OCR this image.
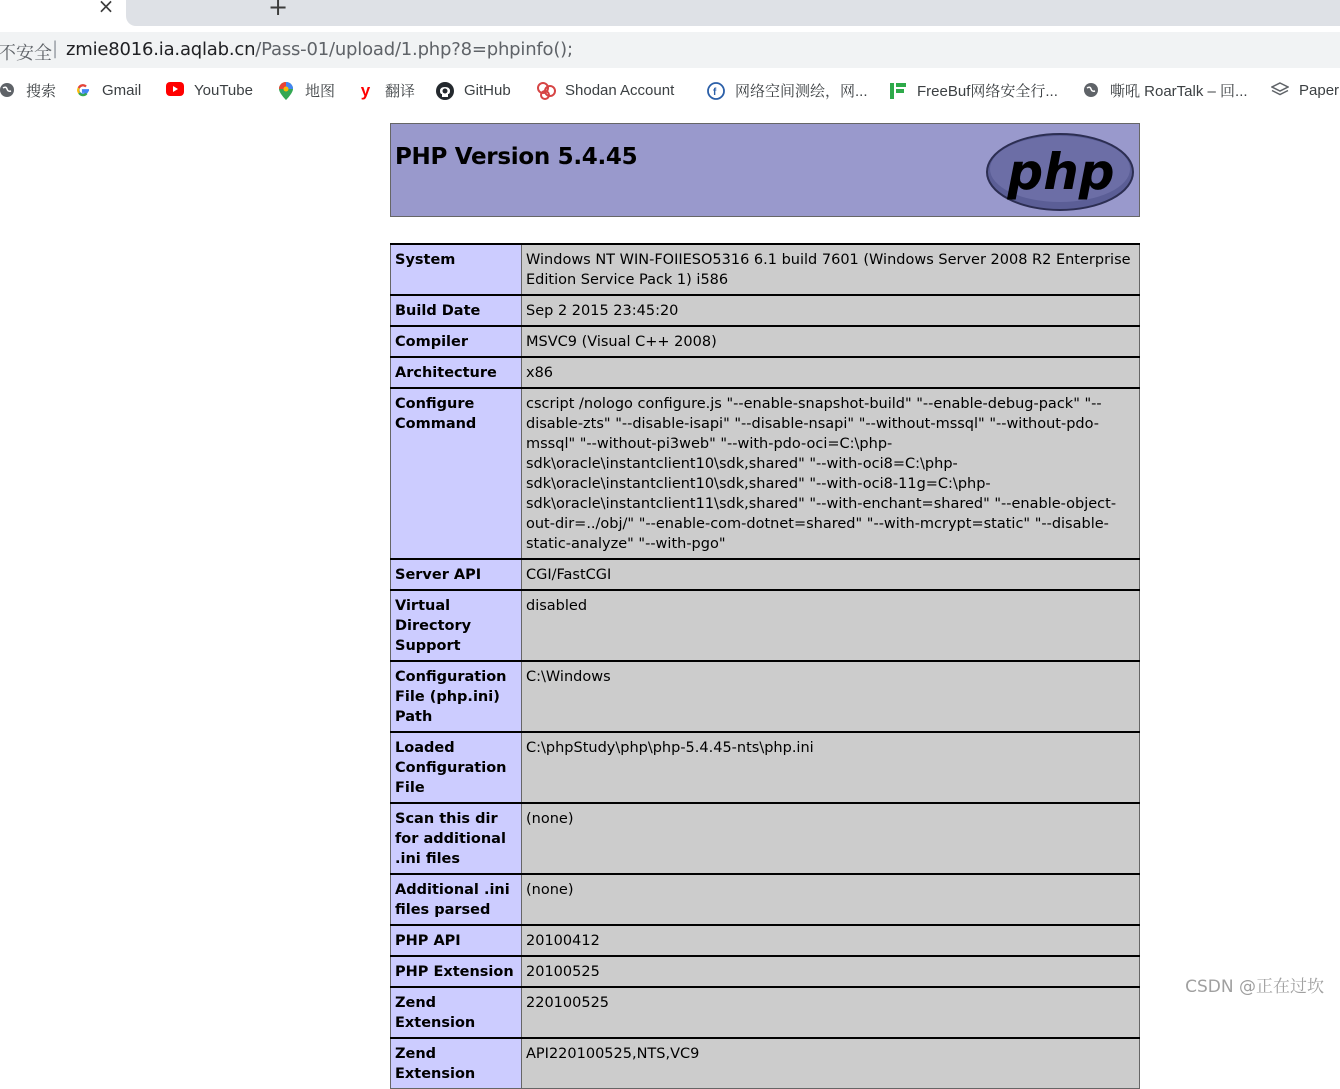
×	+
不安全 | zmie8016.ia.aqlab.cn/Pass-01/upload/1.php?8=phpinfo();
搜索	Gmail	YouTube	地图 y 翻译	GitHub	Shodan Account	f 网络空间测绘，网...	FreeBuf网络安全行...	嘶吼 RoarTalk – 回...	Paper
PHP Version 5.4.45	php
System	Windows NT WIN-FOIIESO5316 6.1 build 7601 (Windows Server 2008 R2 Enterprise Edition Service Pack 1) i586
Build Date	Sep 2 2015 23:45:20
Compiler	MSVC9 (Visual C++ 2008)
Architecture	x86
Configure Command	cscript /nologo configure.js "--enable-snapshot-build" "--enable-debug-pack" "--disable-zts" "--disable-isapi" "--disable-nsapi" "--without-mssql" "--without-pdo-mssql" "--without-pi3web" "--with-pdo-oci=C:\php-sdk\oracle\instantclient10\sdk,shared" "--with-oci8=C:\php-sdk\oracle\instantclient10\sdk,shared" "--with-oci8-11g=C:\php-sdk\oracle\instantclient11\sdk,shared" "--with-enchant=shared" "--enable-object-out-dir=../obj/" "--enable-com-dotnet=shared" "--with-mcrypt=static" "--disable-static-analyze" "--with-pgo"
Server API	CGI/FastCGI
Virtual Directory Support	disabled
Configuration File (php.ini) Path	C:\Windows
Loaded Configuration File	C:\phpStudy\php\php-5.4.45-nts\php.ini
Scan this dir for additional .ini files	(none)
Additional .ini files parsed	(none)
PHP API	20100412
PHP Extension	20100525
Zend Extension	220100525
Zend Extension	API220100525,NTS,VC9
CSDN @正在过坎
